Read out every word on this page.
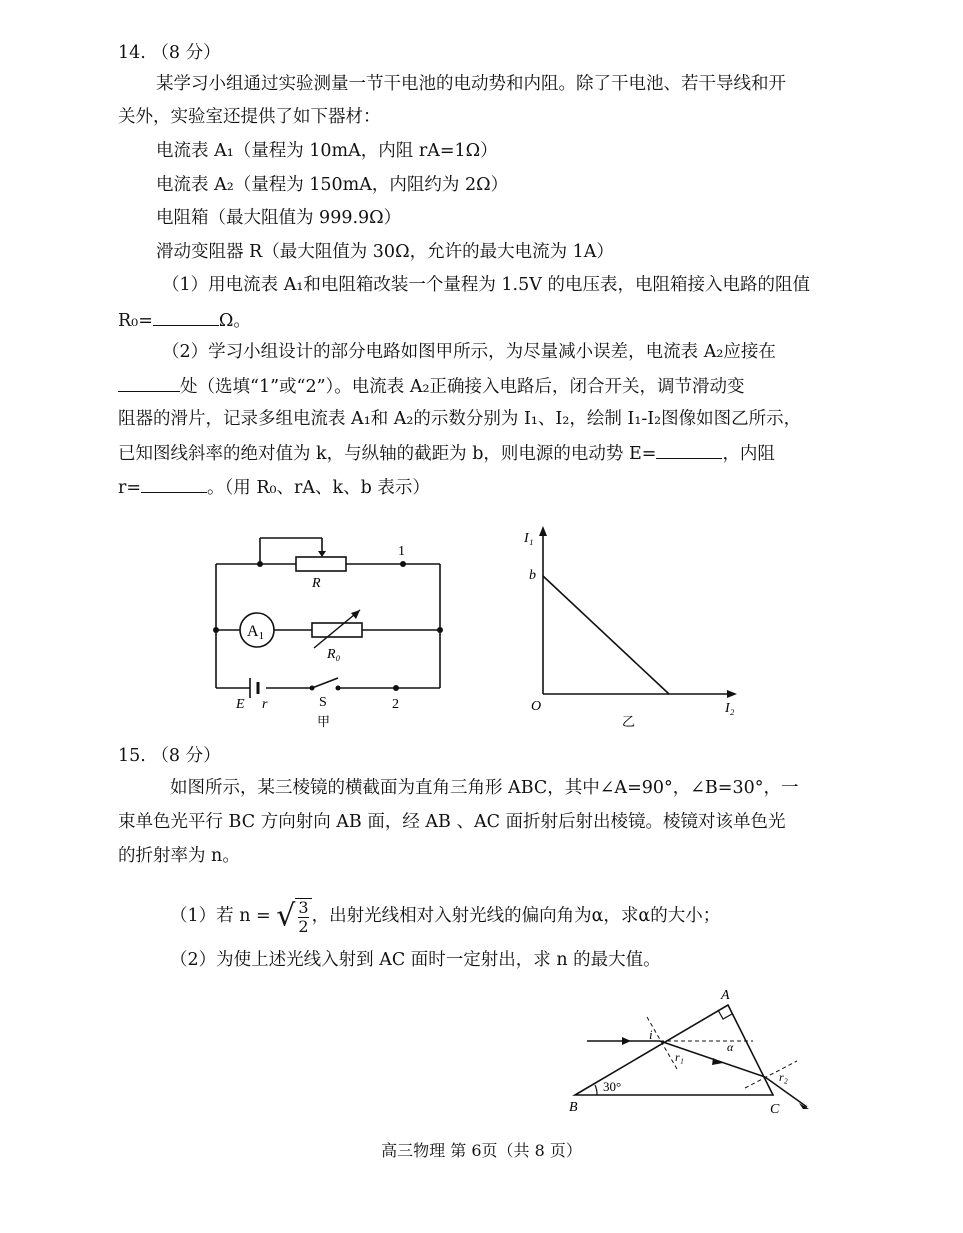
14. （8 分）
某学习小组通过实验测量一节干电池的电动势和内阻。除了干电池、若干导线和开
关外，实验室还提供了如下器材：
电流表 A₁（量程为 10mA，内阻 rA=1Ω）
电流表 A₂（量程为 150mA，内阻约为 2Ω）
电阻箱（最大阻值为 999.9Ω）
滑动变阻器 R（最大阻值为 30Ω，允许的最大电流为 1A）
（1）用电流表 A₁和电阻箱改装一个量程为 1.5V 的电压表，电阻箱接入电路的阻值
R₀=	Ω。
（2）学习小组设计的部分电路如图甲所示，为尽量减小误差，电流表 A₂应接在
处（选填“1”或“2”）。电流表 A₂正确接入电路后，闭合开关，调节滑动变
阻器的滑片，记录多组电流表 A₁和 A₂的示数分别为 I₁、I₂，绘制 I₁-I₂图像如图乙所示，
已知图线斜率的绝对值为 k，与纵轴的截距为 b，则电源的电动势 E=	，内阻
r=	。（用 R₀、rA、k、b 表示）
R
A1
R₀
E r	S
1
2
甲
I₁
b
O	I₂
乙
15. （8 分）
如图所示，某三棱镜的横截面为直角三角形 ABC，其中∠A=90°，∠B=30°，一
束单色光平行 BC 方向射向 AB 面，经 AB 、AC 面折射后射出棱镜。棱镜对该单色光
的折射率为 n。
（1）若 n = √ $\frac{3}{2}$ ，出射光线相对入射光线的偏向角为α，求α的大小；
（2）为使上述光线入射到 AC 面时一定射出，求 n 的最大值。
A
B	C
30°
i
r₁
α
r₂
高三物理 第 6页（共 8 页）
